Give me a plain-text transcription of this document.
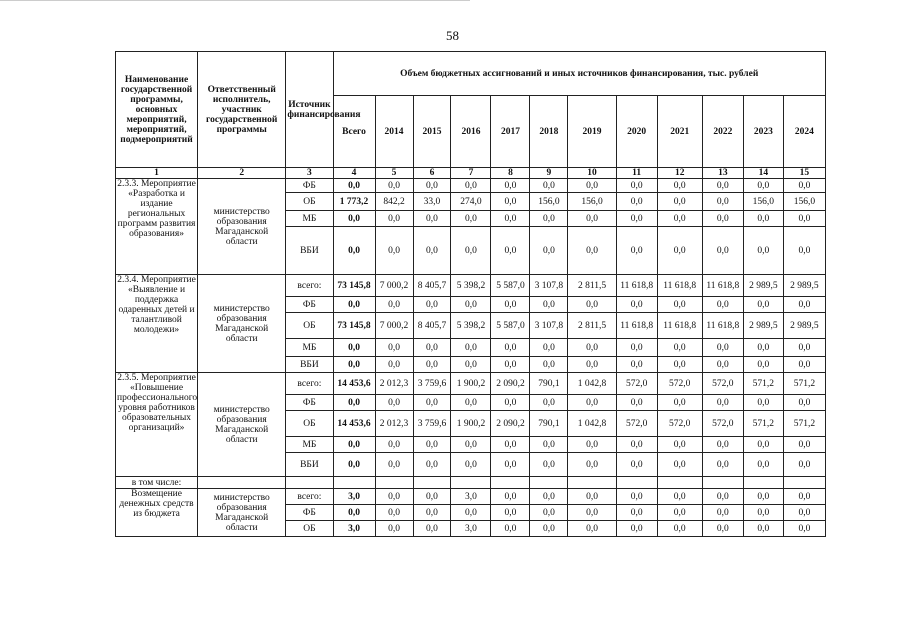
58
Наименование государственной программы, основных мероприятий, мероприятий, подмероприятий	Ответственный исполнитель, участник государственной программы	Источник финансирования	Объем бюджетных ассигнований и иных источников финансирования, тыс. рублей											
			Всего	2014	2015	2016	2017	2018	2019	2020	2021	2022	2023	2024
1	2	3	4	5	6	7	8	9	10	11	12	13	14	15
2.3.3. Мероприятие «Разработка и издание региональных программ развития образования»	министерство образования Магаданской области	ФБ	0,0	0,0	0,0	0,0	0,0	0,0	0,0	0,0	0,0	0,0	0,0	0,0
		ОБ	1 773,2	842,2	33,0	274,0	0,0	156,0	156,0	0,0	0,0	0,0	156,0	156,0
		МБ	0,0	0,0	0,0	0,0	0,0	0,0	0,0	0,0	0,0	0,0	0,0	0,0
		ВБИ	0,0	0,0	0,0	0,0	0,0	0,0	0,0	0,0	0,0	0,0	0,0	0,0
2.3.4. Мероприятие «Выявление и поддержка одаренных детей и талантливой молодежи»	министерство образования Магаданской области	всего:	73 145,8	7 000,2	8 405,7	5 398,2	5 587,0	3 107,8	2 811,5	11 618,8	11 618,8	11 618,8	2 989,5	2 989,5
		ФБ	0,0	0,0	0,0	0,0	0,0	0,0	0,0	0,0	0,0	0,0	0,0	0,0
		ОБ	73 145,8	7 000,2	8 405,7	5 398,2	5 587,0	3 107,8	2 811,5	11 618,8	11 618,8	11 618,8	2 989,5	2 989,5
		МБ	0,0	0,0	0,0	0,0	0,0	0,0	0,0	0,0	0,0	0,0	0,0	0,0
		ВБИ	0,0	0,0	0,0	0,0	0,0	0,0	0,0	0,0	0,0	0,0	0,0	0,0
2.3.5. Мероприятие «Повышение профессионального уровня работников образовательных организаций»	министерство образования Магаданской области	всего:	14 453,6	2 012,3	3 759,6	1 900,2	2 090,2	790,1	1 042,8	572,0	572,0	572,0	571,2	571,2
		ФБ	0,0	0,0	0,0	0,0	0,0	0,0	0,0	0,0	0,0	0,0	0,0	0,0
		ОБ	14 453,6	2 012,3	3 759,6	1 900,2	2 090,2	790,1	1 042,8	572,0	572,0	572,0	571,2	571,2
		МБ	0,0	0,0	0,0	0,0	0,0	0,0	0,0	0,0	0,0	0,0	0,0	0,0
		ВБИ	0,0	0,0	0,0	0,0	0,0	0,0	0,0	0,0	0,0	0,0	0,0	0,0
в том числе:														
Возмещение денежных средств из бюджета	министерство образования Магаданской области	всего:	3,0	0,0	0,0	3,0	0,0	0,0	0,0	0,0	0,0	0,0	0,0	0,0
		ФБ	0,0	0,0	0,0	0,0	0,0	0,0	0,0	0,0	0,0	0,0	0,0	0,0
		ОБ	3,0	0,0	0,0	3,0	0,0	0,0	0,0	0,0	0,0	0,0	0,0	0,0
